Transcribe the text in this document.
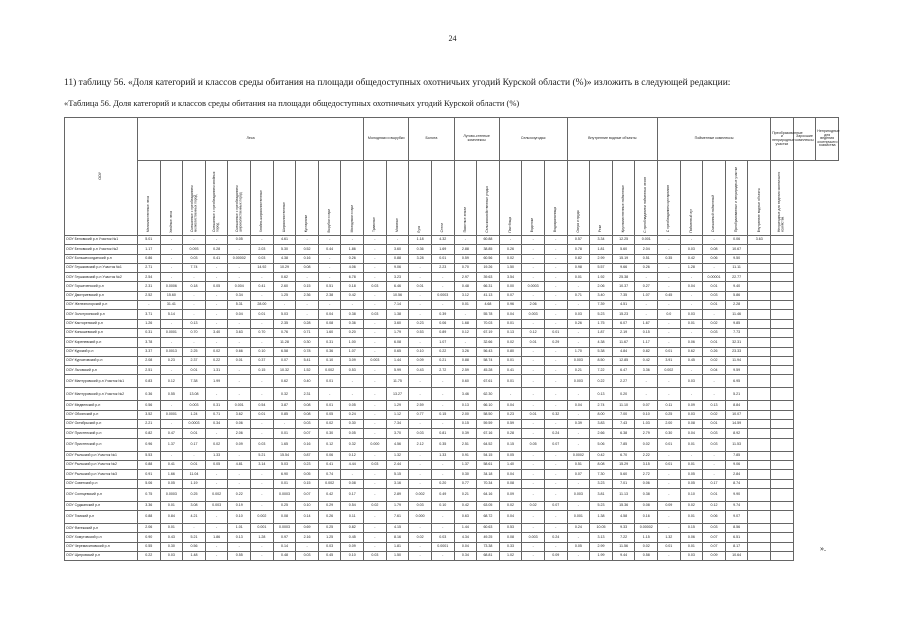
24
11) таблицу 56. «Доля категорий и классов среды обитания на площади общедоступных охотничьих угодий Курской области (%)» изложить в следующей редакции:
«Таблица 56. Доля категорий и классов среды обитания на площади общедоступных охотничьих угодий Курской области (%)
ООУ	Леса										Молодняки и вырубки		Болота		Луговo-степные комплексы		Сельхозугодья			Внутренние водные объекты				Пойменные комплексы					Преобразованные и неприродные участки	Заросшие комплексы	Непригодные для ведения охотничьего хозяйства
	Мелколиственные леса	Хвойные леса	Смешанные с преобладанием мелколиственных пород	Смешанные с преобладанием хвойных пород	Смешанные с преобладанием широколиственных пород	Хвойно-широколиственные	Широколиственные	Кустарники	Вырубки и гари	Молодняки и гари	Травяные	Моховые	Луга	Степи	Пахотные земли	Сельскохозяйственные угодья	Пастбища	Водотоки	Водохранилища	Озера и пруды	Реки	Крупнолиственные пойменные	С преобладанием пойменных лесов	С преобладанием кустарников	Пойменный луг	Смешанный пойменный	Преобразованные и неприродные участки	Внутренние водные объекты	Непригодные для ведения охотничьего хозяйства		
ООУ Беловский р-н Участок №1	5.01	-	-	-	0.05	-	4.61	-	-	-	-	-	1.18	4.32	-	60.88	-	-	-	0.57	3.34	12.25	0.001	-	-	-	0.06	3.63			
ООУ Беловский р-н Участок №2	1.17	-	0.093	0.28	-	2.03	5.30	0.52	0.44	1.86	-	3.60	0.36	1.69	2.88	38.85	0.26	-	-	0.78	1.81	5.60	2.04	-	0.03	0.08	10.67				
ООУ Большесолдатский р-н	0.86	-	0.03	0.41	0.00002	0.03	4.38	0.16	-	0.26	-	0.88	3.28	0.01	0.59	60.56	0.02	-	-	0.82	2.99	15.19	0.51	0.35	0.42	0.06	9.50				
ООУ Глушковский р-н Участок №1	2.71	-	7.74	-	-	14.92	10.29	0.08	-	4.06	-	9.06	-	2.23	0.70	19.26	1.50	-	-	0.98	5.57	9.66	0.26	-	1.28	-	11.11				
ООУ Глушковский р-н Участок №2	2.54	-	-	-	-	-	0.62	-	-	6.78	-	3.23	-	-	2.97	39.63	3.54	-	-	0.01	1.92	25.38	-	-	-	0.00001	22.77				
ООУ Горшеченский р-н	2.31	0.0006	0.18	0.05	0.004	0.41	2.60	0.15	0.51	0.18	0.03	6.46	0.01	-	0.48	66.31	0.00	0.0003	-	-	2.06	10.37	0.27	-	0.04	0.01	9.40				
ООУ Дмитриевский р-н	2.52	15.60	-	-	0.34	-	1.25	2.36	2.38	0.42	-	10.56	-	0.0003	3.12	41.13	0.07	-	-	0.71	3.40	7.35	1.07	0.45	-	0.03	5.86				
ООУ Железногорский р-н	-	31.41	-	-	5.31	28.00	-	-	-	-	-	7.14	-	-	0.01	4.68	0.96	2.06	-	-	7.39	4.51	-	-	-	0.01	2.28				
ООУ Золотухинский р-н	3.71	5.14	-	-	0.04	0.01	5.03	-	0.04	0.38	0.03	1.38	-	0.39	-	55.78	0.04	0.003	-	0.03	5.23	15.23	-	0.0	0.03	-	11.46				
ООУ Касторенский р-н	1.26	-	0.13	-	-	-	2.35	0.28	0.08	0.36	-	3.60	0.23	0.06	1.68	70.03	0.01	-	-	0.26	1.75	6.07	1.67	-	0.01	0.02	9.85				
ООУ Конышевский р-н	0.31	0.0001	0.70	3.40	3.63	0.70	0.76	0.71	1.60	0.20	-	1.79	0.53	0.89	0.12	67.19	0.13	0.12	0.01	-	1.87	2.19	0.15	-	-	0.03	7.73				
ООУ Кореневский р-н	3.78	-	-	-	-	-	11.28	0.30	0.31	1.00	-	6.08	-	1.07	-	32.66	0.02	0.01	0.29	-	4.38	11.67	1.17	-	0.06	0.01	32.31				
ООУ Курский р-н	3.37	0.0013	2.25	0.02	0.66	0.10	6.58	0.78	0.36	1.07	-	0.65	0.10	0.22	3.26	56.43	0.80	-	-	1.70	5.38	4.84	0.82	0.01	0.62	0.26	23.33				
ООУ Курчатовский р-н	2.08	0.23	2.37	0.22	0.01	0.37	0.07	5.41	0.10	3.09	0.003	1.44	0.09	0.21	0.88	58.74	0.01	-	-	0.003	8.50	12.85	0.42	3.91	0.45	0.02	11.94				
ООУ Льговский р-н	2.51	-	0.01	1.31	-	0.15	10.32	1.52	0.002	0.53	-	5.99	0.43	2.72	2.59	45.28	0.41	-	-	0.21	7.22	6.47	3.36	0.002	-	0.04	9.59				
ООУ Мантуровский р-н Участок №1	0.83	0.12	7.38	1.99	-	-	0.62	0.40	0.01	-	-	11.75	-	-	0.60	67.61	0.01	-	-	0.003	0.22	2.27	-	-	0.03	-	6.95				
ООУ Мантуровский р-н Участок №2	0.36	0.55	13.08	-	-	-	0.32	2.31	-	-	-	13.27	-	-	3.46	62.30	-	-	-	-	0.13	0.20	-	-	-	-	5.21				
ООУ Медвенский р-н	0.56	-	0.003	0.31	0.001	0.54	3.87	0.08	0.01	0.05	-	1.29	2.59	-	0.13	66.10	0.04	-	-	0.04	2.74	11.10	0.07	0.11	0.09	0.13	8.84				
ООУ Обоянский р-н	3.52	0.0001	1.24	0.71	3.62	0.01	0.85	0.08	0.05	0.24	-	1.12	0.77	0.15	2.00	58.50	0.23	0.01	0.32	-	8.00	7.00	0.10	0.25	0.03	0.02	10.07				
ООУ Октябрьский р-н	2.21	-	0.0003	0.34	0.06	-	-	0.03	0.02	0.30	-	7.34	-	-	0.15	59.59	0.59	-	-	0.39	3.83	7.43	1.03	2.00	0.08	0.01	14.59				
ООУ Пристенский р-н	0.82	0.47	0.01	-	2.06	-	0.01	0.07	0.30	0.05	-	3.70	0.03	0.81	0.39	67.16	0.28	-	0.24	-	2.66	6.38	2.79	0.30	0.04	0.03	8.92				
ООУ Пристенский р-н	0.96	1.37	0.17	0.02	0.09	0.03	1.65	0.16	0.12	0.32	0.000	4.56	2.12	0.35	2.51	64.52	0.15	0.05	0.07	-	5.06	7.85	0.02	0.01	0.01	0.03	11.53				
ООУ Рыльский р-н Участок №1	5.53	-	-	1.33	-	5.21	15.54	0.87	0.06	0.12	-	1.32	-	1.33	0.91	54.15	0.05	-	-	0.0002	0.42	6.70	2.22	-	-	-	7.85				
ООУ Рыльский р-н Участок №2	0.88	0.41	0.01	0.05	4.81	3.14	5.03	0.23	0.41	4.44	0.03	2.44	-	-	1.37	58.61	1.40	-	-	0.51	8.08	15.29	3.15	0.01	0.01	-	9.06				
ООУ Рыльский р-н Участок №3	0.91	1.66	11.04	-	-	-	6.90	0.05	0.74	-	-	5.15	-	-	0.30	34.18	0.04	-	-	0.07	7.30	5.60	2.72	-	0.05	-	2.84				
ООУ Советский р-н	5.06	0.05	1.19	-	-	-	0.01	0.15	0.002	0.08	-	3.16	-	0.20	0.77	70.34	0.08	-	-	-	3.23	7.01	0.06	-	0.05	0.17	8.74				
ООУ Солнцевский р-н	0.75	0.0003	0.25	0.002	0.22	-	0.0003	0.07	0.42	0.17	-	2.89	0.002	0.49	0.21	64.16	0.09	-	-	0.003	3.81	11.13	0.38	-	0.10	0.01	9.90				
ООУ Суджанский р-н	3.36	0.01	3.08	0.003	0.19	-	0.25	0.10	0.29	0.54	0.02	1.79	0.03	0.10	0.42	63.05	0.02	0.02	0.07	-	5.23	15.36	0.08	0.09	0.02	0.12	9.74				
ООУ Тимский р-н	0.88	0.84	4.21	-	0.10	0.002	0.08	0.14	0.26	0.11	-	7.61	0.000	-	0.63	68.72	0.04	-	-	0.001	1.38	4.58	0.16	-	0.01	0.06	9.07				
ООУ Фатежский р-н	2.06	0.01	-	-	1.01	0.001	0.0003	0.69	0.25	0.82	-	4.15	-	-	1.44	60.63	0.53	-	-	0.24	10.05	9.33	0.00002	-	0.15	0.03	8.56				
ООУ Хомутовский р-н	0.90	0.43	5.21	1.86	0.13	1.28	0.97	2.16	1.25	0.45	-	8.16	0.02	0.03	4.34	49.25	0.08	0.003	0.24	-	3.13	7.22	1.15	1.32	0.06	0.07	6.51				
ООУ Черемисиновский р-н	0.55	0.30	0.56	-	-	-	0.14	-	0.03	0.09	-	1.81	-	0.0001	0.04	73.38	0.33	-	-	0.05	2.99	11.56	0.02	0.01	0.01	0.07	8.17				
ООУ Щигровский р-н	0.22	0.03	1.48	-	0.55	-	0.48	0.03	0.45	0.10	0.03	1.50	-	-	0.34	68.81	1.02	-	0.09	-	1.99	9.44	0.58	-	0.03	0.09	10.64				
».
